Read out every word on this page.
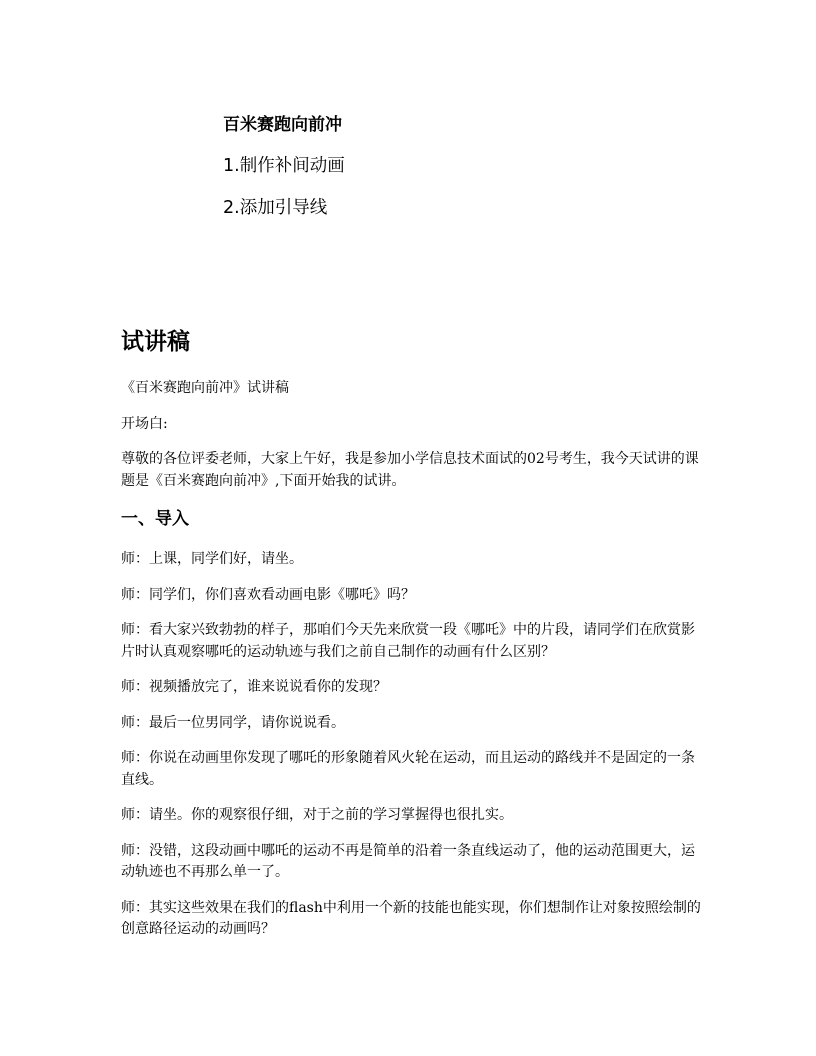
百米赛跑向前冲
1.制作补间动画
2.添加引导线
试讲稿
《百米赛跑向前冲》试讲稿
开场白:
尊敬的各位评委老师，大家上午好，我是参加小学信息技术面试的02号考生，我今天试讲的课题是《百米赛跑向前冲》,下面开始我的试讲。
一、导入
师：上课，同学们好，请坐。
师：同学们，你们喜欢看动画电影《哪吒》吗？
师：看大家兴致勃勃的样子，那咱们今天先来欣赏一段《哪吒》中的片段，请同学们在欣赏影片时认真观察哪吒的运动轨迹与我们之前自己制作的动画有什么区别？
师：视频播放完了，谁来说说看你的发现？
师：最后一位男同学，请你说说看。
师：你说在动画里你发现了哪吒的形象随着风火轮在运动，而且运动的路线并不是固定的一条直线。
师：请坐。你的观察很仔细，对于之前的学习掌握得也很扎实。
师：没错，这段动画中哪吒的运动不再是简单的沿着一条直线运动了，他的运动范围更大，运动轨迹也不再那么单一了。
师：其实这些效果在我们的flash中利用一个新的技能也能实现，你们想制作让对象按照绘制的创意路径运动的动画吗？
